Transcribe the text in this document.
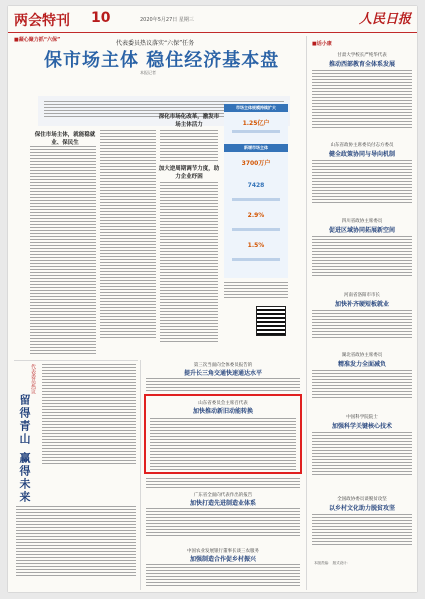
两会特刊 10	2020年5月27日 星期三	人民日报
■凝心聚力抓“六保”	代表委员热议落实“六保”任务
保市场主体 稳住经济基本盘
本报记者
保住市场主体，就能稳就业、保民生
加大逆周期调节力度，助力企业纾困
深化市场化改革，激发市场主体活力
市场主体规模持续扩大
1.25亿户
新增市场主体
3700万户
7428
2.9%
1.5%
代表委员热议
留得青山 赢得未来
第三次当面向全体委员报告的
提升长三角交通快速通达水平
山东省委员会主席召代表
加快推动新旧动能转换
广东省全面向代表作出的报告
加快打造先进制造业体系
中国农业发展银行董事长谈三农服务
加强制造合作促乡村振兴
■话小康
甘肃大学校长严纯华代表
推动西部教育全体系发展
山东省政协主席委员付志方委员
健全政策协同与导向机制
四川省政协主席委员
促进区域协同拓展新空间
河南省洛阳市市长
加快补齐硬短板就业
湖北省政协主席委员
精准发力全面减负
中国科学院院士
加强科学关键核心技术
全国政协委员谈脱贫攻坚
以乡村文化助力脱贫攻坚
本版责编： 版式设计：
